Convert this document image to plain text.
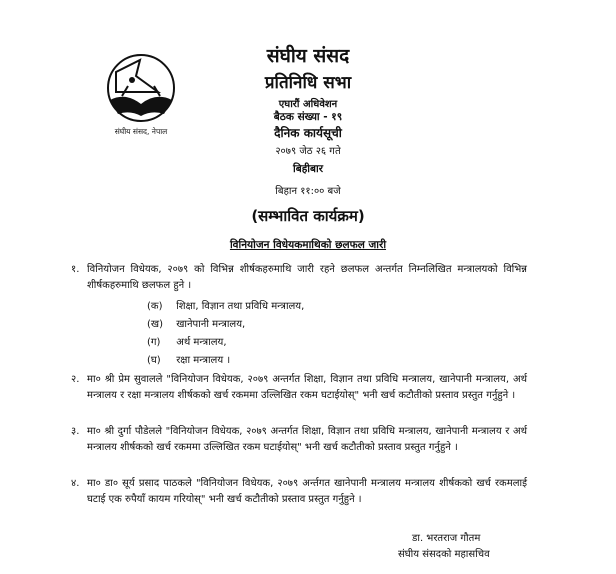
संघीय संसद, नेपाल
संघीय संसद
प्रतिनिधि सभा
एघारौं अधिवेशन
बैठक संख्या - १९
दैनिक कार्यसूची
२०७९ जेठ २६ गते
बिहीबार
बिहान ११:०० बजे
(सम्भावित कार्यक्रम)
विनियोजन विधेयकमाथिको छलफल जारी
१. विनियोजन विधेयक, २०७९ को विभिन्न शीर्षकहरुमाथि जारी रहने छलफल अन्तर्गत निम्नलिखित मन्त्रालयको विभिन्न शीर्षकहरुमाथि छलफल हुने ।
(क) शिक्षा, विज्ञान तथा प्रविधि मन्त्रालय,
(ख) खानेपानी मन्त्रालय,
(ग) अर्थ मन्त्रालय,
(घ) रक्षा मन्त्रालय ।
२. मा० श्री प्रेम सुवालले "विनियोजन विधेयक, २०७९ अन्तर्गत शिक्षा, विज्ञान तथा प्रविधि मन्त्रालय, खानेपानी मन्त्रालय, अर्थ मन्त्रालय र रक्षा मन्त्रालय शीर्षकको खर्च रकममा उल्लिखित रकम घटाईयोस्" भनी खर्च कटौतीको प्रस्ताव प्रस्तुत गर्नुहुने ।
३. मा० श्री दुर्गा पौडेलले "विनियोजन विधेयक, २०७९ अन्तर्गत शिक्षा, विज्ञान तथा प्रविधि मन्त्रालय, खानेपानी मन्त्रालय र अर्थ मन्त्रालय शीर्षकको खर्च रकममा उल्लिखित रकम घटाईयोस्" भनी खर्च कटौतीको प्रस्ताव प्रस्तुत गर्नुहुने ।
४. मा० डा० सूर्य प्रसाद पाठकले "विनियोजन विधेयक, २०७९ अर्न्तगत खानेपानी मन्त्रालय मन्त्रालय शीर्षकको खर्च रकमलाई घटाई एक रुपैयाँ कायम गरियोस्" भनी खर्च कटौतीको प्रस्ताव प्रस्तुत गर्नुहुने ।
डा. भरतराज गौतम
संघीय संसदको महासचिव
